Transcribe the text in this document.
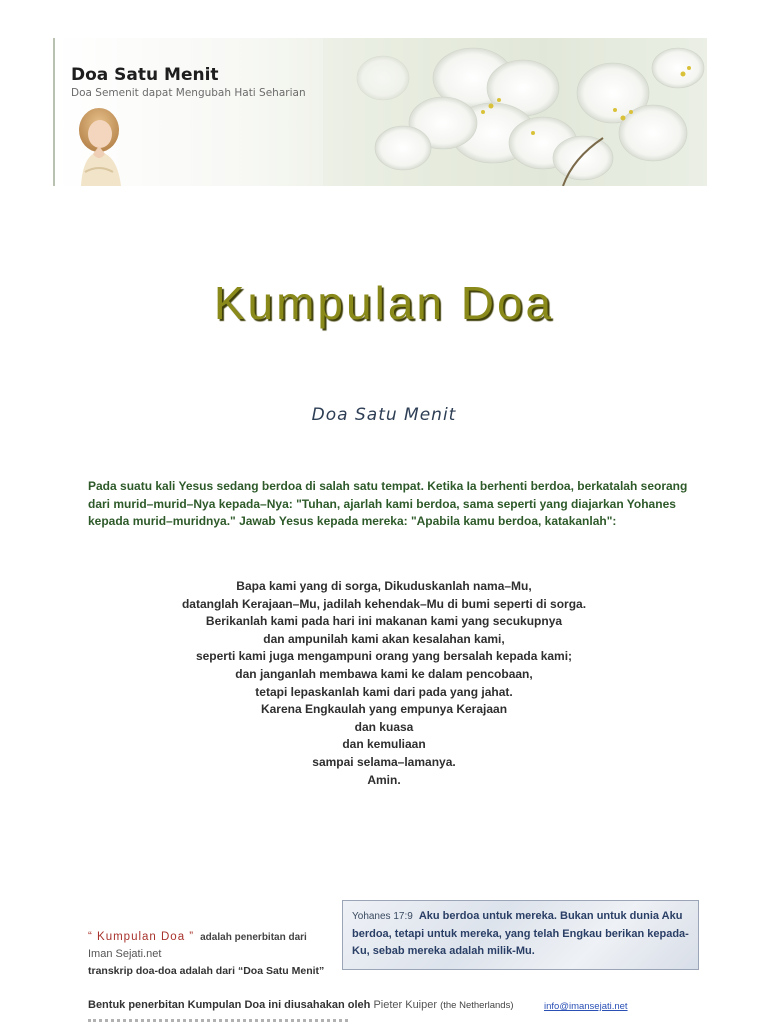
Doa Satu Menit
Doa Semenit dapat Mengubah Hati Seharian
Kumpulan Doa
Doa Satu Menit

Pada suatu kali Yesus sedang berdoa di salah satu tempat. Ketika Ia berhenti berdoa, berkatalah seorang dari murid–murid–Nya kepada–Nya: "Tuhan, ajarlah kami berdoa, sama seperti yang diajarkan Yohanes kepada murid–muridnya." Jawab Yesus kepada mereka: "Apabila kamu berdoa, katakanlah":

Bapa kami yang di sorga, Dikuduskanlah nama–Mu,
datanglah Kerajaan–Mu, jadilah kehendak–Mu di bumi seperti di sorga.
Berikanlah kami pada hari ini makanan kami yang secukupnya
dan ampunilah kami akan kesalahan kami,
seperti kami juga mengampuni orang yang bersalah kepada kami;
dan janganlah membawa kami ke dalam pencobaan,
tetapi lepaskanlah kami dari pada yang jahat.
Karena Engkaulah yang empunya Kerajaan
dan kuasa
dan kemuliaan
sampai selama–lamanya.
Amin.

Yohanes 17:9 Aku berdoa untuk mereka. Bukan untuk dunia Aku berdoa, tetapi untuk mereka, yang telah Engkau berikan kepada-Ku, sebab mereka adalah milik-Mu.

“ Kumpulan Doa ” adalah penerbitan dari
Iman Sejati.net
transkrip doa-doa adalah dari “Doa Satu Menit”
Bentuk penerbitan Kumpulan Doa ini diusahakan oleh Pieter Kuiper (the Netherlands)	info@imansejati.net
